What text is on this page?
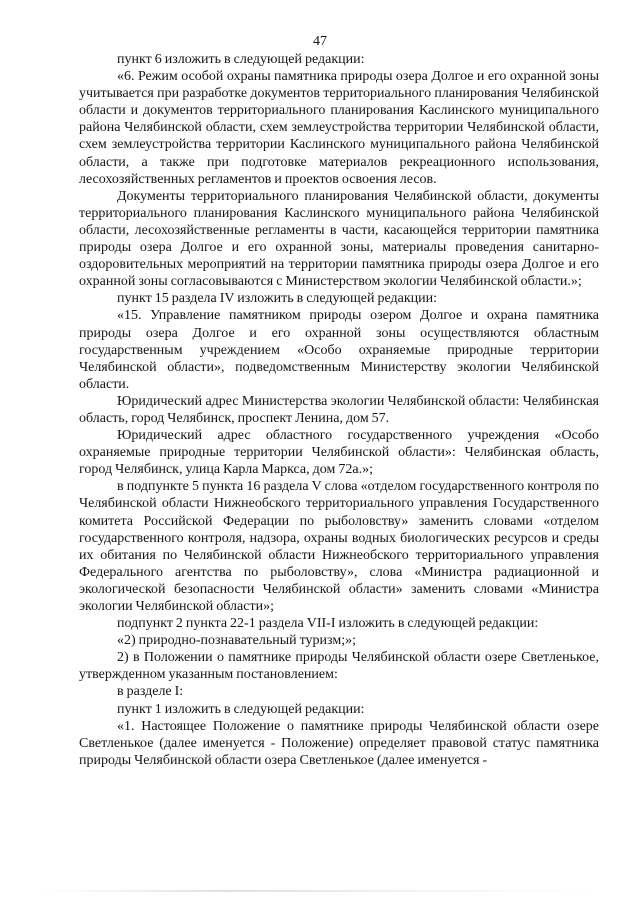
47

пункт 6 изложить в следующей редакции:

«6. Режим особой охраны памятника природы озера Долгое и его охранной зоны учитывается при разработке документов территориального планирования Челябинской области и документов территориального планирования Каслинского муниципального района Челябинской области, схем землеустройства территории Челябинской области, схем землеустройства территории Каслинского муниципального района Челябинской области, а также при подготовке материалов рекреационного использования, лесохозяйственных регламентов и проектов освоения лесов.

Документы территориального планирования Челябинской области, документы территориального планирования Каслинского муниципального района Челябинской области, лесохозяйственные регламенты в части, касающейся территории памятника природы озера Долгое и его охранной зоны, материалы проведения санитарно-оздоровительных мероприятий на территории памятника природы озера Долгое и его охранной зоны согласовываются с Министерством экологии Челябинской области.»;

пункт 15 раздела IV изложить в следующей редакции:

«15. Управление памятником природы озером Долгое и охрана памятника природы озера Долгое и его охранной зоны осуществляются областным государственным учреждением «Особо охраняемые природные территории Челябинской области», подведомственным Министерству экологии Челябинской области.

Юридический адрес Министерства экологии Челябинской области: Челябинская область, город Челябинск, проспект Ленина, дом 57.

Юридический адрес областного государственного учреждения «Особо охраняемые природные территории Челябинской области»: Челябинская область, город Челябинск, улица Карла Маркса, дом 72а.»;

в подпункте 5 пункта 16 раздела V слова «отделом государственного контроля по Челябинской области Нижнеобского территориального управления Государственного комитета Российской Федерации по рыболовству» заменить словами «отделом государственного контроля, надзора, охраны водных биологических ресурсов и среды их обитания по Челябинской области Нижнеобского территориального управления Федерального агентства по рыболовству», слова «Министра радиационной и экологической безопасности Челябинской области» заменить словами «Министра экологии Челябинской области»;

подпункт 2 пункта 22-1 раздела VII-I изложить в следующей редакции:

«2) природно-познавательный туризм;»;

2) в Положении о памятнике природы Челябинской области озере Светленькое, утвержденном указанным постановлением:

в разделе I:

пункт 1 изложить в следующей редакции:

«1. Настоящее Положение о памятнике природы Челябинской области озере Светленькое (далее именуется - Положение) определяет правовой статус памятника природы Челябинской области озера Светленькое (далее именуется -
